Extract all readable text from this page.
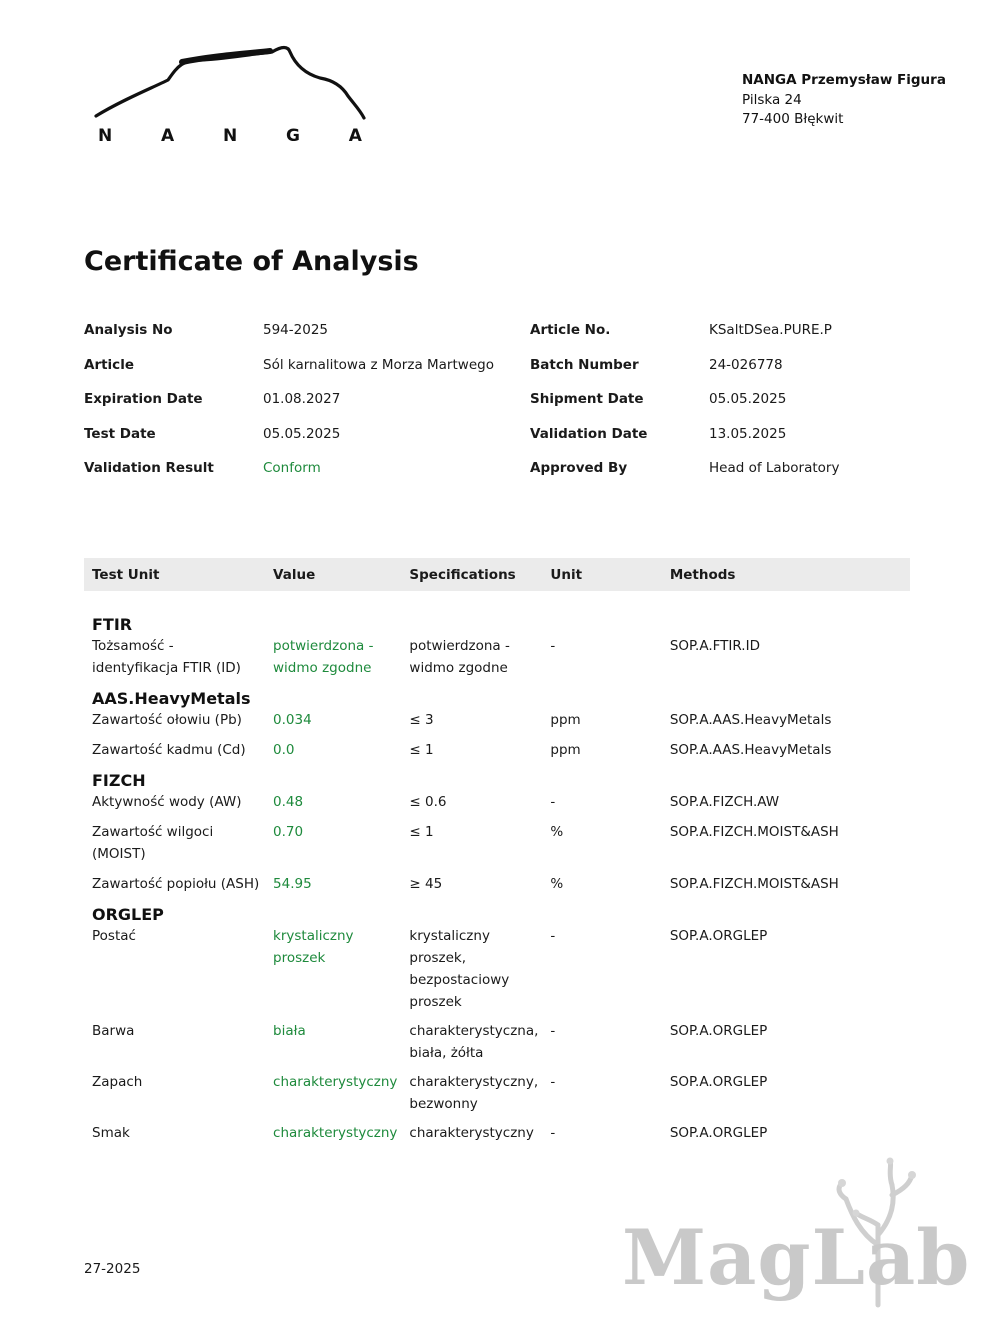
N	A	N	G	A
NANGA Przemysław Figura
Pilska 24
77-400 Błękwit
Certificate of Analysis
Analysis No	594-2025	Article No.	KSaltDSea.PURE.P
Article	Sól karnalitowa z Morza Martwego	Batch Number	24-026778
Expiration Date	01.08.2027	Shipment Date	05.05.2025
Test Date	05.05.2025	Validation Date	13.05.2025
Validation Result	Conform	Approved By	Head of Laboratory
Test Unit	Value	Specifications	Unit	Methods

FTIR				
Tożsamość - identyfikacja FTIR (ID)	potwierdzona - widmo zgodne	potwierdzona - widmo zgodne	-	SOP.A.FTIR.ID
AAS.HeavyMetals				
Zawartość ołowiu (Pb)	0.034	≤ 3	ppm	SOP.A.AAS.HeavyMetals
Zawartość kadmu (Cd)	0.0	≤ 1	ppm	SOP.A.AAS.HeavyMetals
FIZCH				
Aktywność wody (AW)	0.48	≤ 0.6	-	SOP.A.FIZCH.AW
Zawartość wilgoci (MOIST)	0.70	≤ 1	%	SOP.A.FIZCH.MOIST&ASH
Zawartość popiołu (ASH)	54.95	≥ 45	%	SOP.A.FIZCH.MOIST&ASH
ORGLEP				
Postać	krystaliczny proszek	krystaliczny proszek, bezpostaciowy proszek	-	SOP.A.ORGLEP
Barwa	biała	charakterystyczna, biała, żółta	-	SOP.A.ORGLEP
Zapach	charakterystyczny	charakterystyczny, bezwonny	-	SOP.A.ORGLEP
Smak	charakterystyczny	charakterystyczny	-	SOP.A.ORGLEP
27-2025	MagLab
